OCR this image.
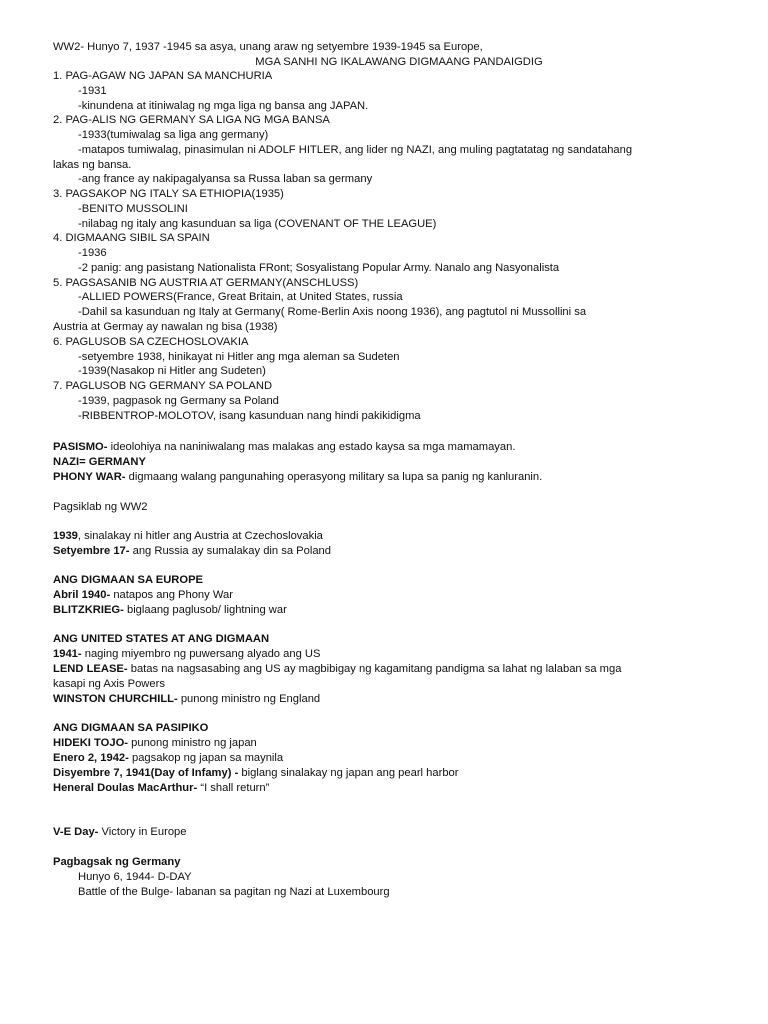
WW2- Hunyo 7, 1937 -1945 sa asya, unang araw ng setyembre 1939-1945 sa Europe,
MGA SANHI NG IKALAWANG DIGMAANG PANDAIGDIG
1. PAG-AGAW NG JAPAN SA MANCHURIA
-1931
-kinundena at itiniwalag ng mga liga ng bansa ang JAPAN.
2. PAG-ALIS NG GERMANY SA LIGA NG MGA BANSA
-1933(tumiwalag sa liga ang germany)
-matapos tumiwalag, pinasimulan ni ADOLF HITLER, ang lider ng NAZI, ang muling pagtatatag ng sandatahang
lakas ng bansa.
-ang france ay nakipagalyansa sa Russa laban sa germany
3. PAGSAKOP NG ITALY SA ETHIOPIA(1935)
-BENITO MUSSOLINI
-nilabag ng italy ang kasunduan sa liga (COVENANT OF THE LEAGUE)
4. DIGMAANG SIBIL SA SPAIN
-1936
-2 panig: ang pasistang Nationalista FRont; Sosyalistang Popular Army. Nanalo ang Nasyonalista
5. PAGSASANIB NG AUSTRIA AT GERMANY(ANSCHLUSS)
-ALLIED POWERS(France, Great Britain, at United States, russia
-Dahil sa kasunduan ng Italy at Germany( Rome-Berlin Axis noong 1936), ang pagtutol ni Mussollini sa
Austria at Germay ay nawalan ng bisa (1938)
6. PAGLUSOB SA CZECHOSLOVAKIA
-setyembre 1938, hinikayat ni Hitler ang mga aleman sa Sudeten
-1939(Nasakop ni Hitler ang Sudeten)
7. PAGLUSOB NG GERMANY SA POLAND
-1939, pagpasok ng Germany sa Poland
-RIBBENTROP-MOLOTOV, isang kasunduan nang hindi pakikidigma
PASISMO- ideolohiya na naniniwalang mas malakas ang estado kaysa sa mga mamamayan.
NAZI= GERMANY
PHONY WAR- digmaang walang pangunahing operasyong military sa lupa sa panig ng kanluranin.
Pagsiklab ng WW2
1939, sinalakay ni hitler ang Austria at Czechoslovakia
Setyembre 17- ang Russia ay sumalakay din sa Poland
ANG DIGMAAN SA EUROPE
Abril 1940- natapos ang Phony War
BLITZKRIEG- biglaang paglusob/ lightning war
ANG UNITED STATES AT ANG DIGMAAN
1941- naging miyembro ng puwersang alyado ang US
LEND LEASE- batas na nagsasabing ang US ay magbibigay ng kagamitang pandigma sa lahat ng lalaban sa mga
kasapi ng Axis Powers
WINSTON CHURCHILL- punong ministro ng England
ANG DIGMAAN SA PASIPIKO
HIDEKI TOJO- punong ministro ng japan
Enero 2, 1942- pagsakop ng japan sa maynila
Disyembre 7, 1941(Day of Infamy) - biglang sinalakay ng japan ang pearl harbor
Heneral Doulas MacArthur- “I shall return”
V-E Day- Victory in Europe
Pagbagsak ng Germany
Hunyo 6, 1944- D-DAY
Battle of the Bulge- labanan sa pagitan ng Nazi at Luxembourg
